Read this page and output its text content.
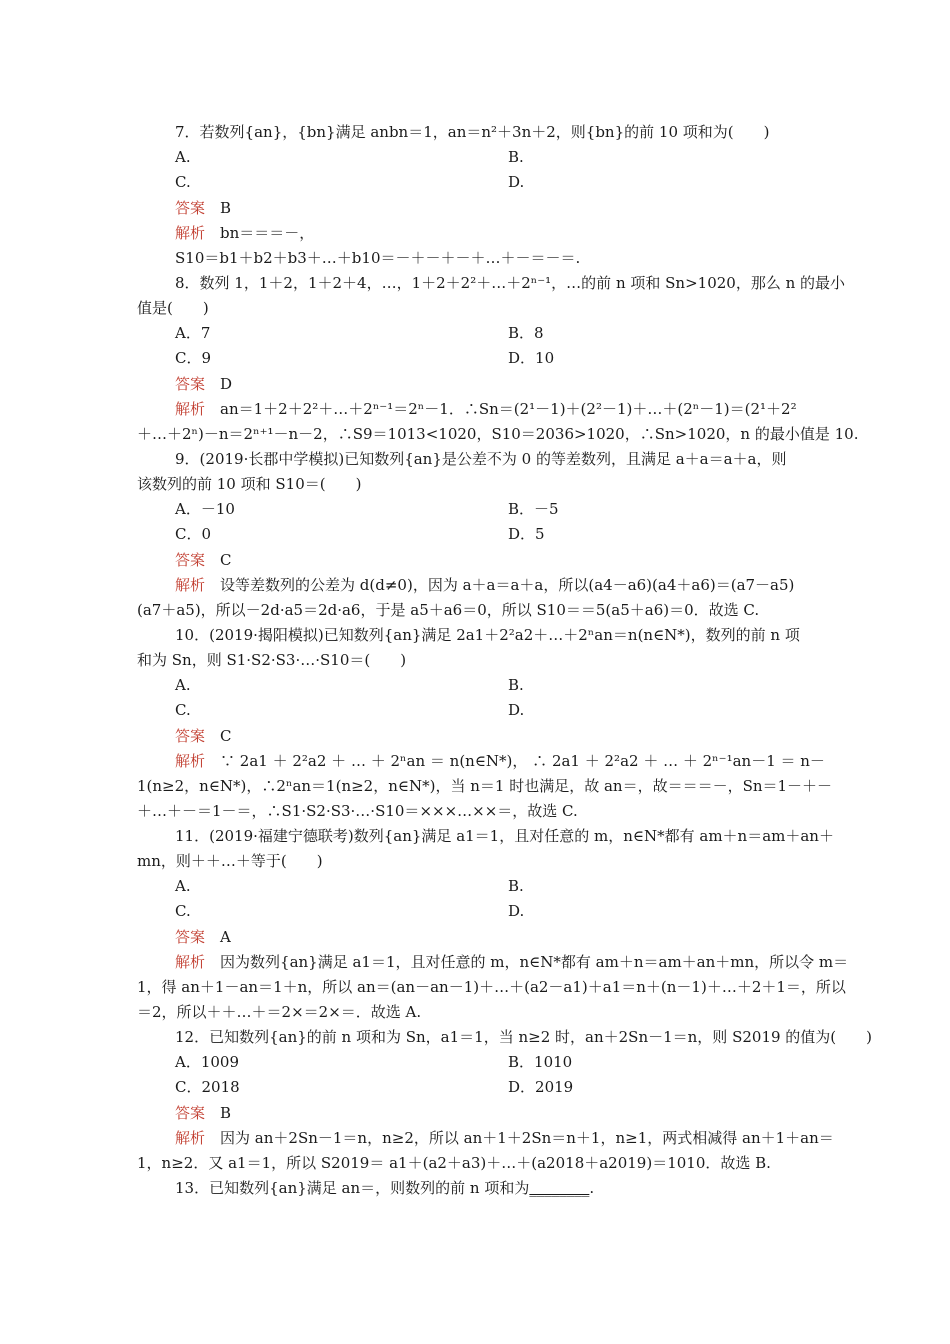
7．若数列{an}，{bn}满足 anbn＝1，an＝n²＋3n＋2，则{bn}的前 10 项和为(　　)
A.	B.
C.	D.
答案　 B
解析　 bn＝＝＝－，
S10＝b1＋b2＋b3＋…＋b10＝－＋－＋－＋…＋－＝－＝.
8．数列 1，1＋2，1＋2＋4，…，1＋2＋2²＋…＋2ⁿ⁻¹，…的前 n 项和 Sn>1020，那么 n 的最小
值是(　　)
A．7	B．8
C．9	D．10
答案　 D
解析　 an＝1＋2＋2²＋…＋2ⁿ⁻¹＝2ⁿ－1．∴Sn＝(2¹－1)＋(2²－1)＋…＋(2ⁿ－1)＝(2¹＋2²
＋…＋2ⁿ)－n＝2ⁿ⁺¹－n－2，∴S9＝1013<1020，S10＝2036>1020，∴Sn>1020，n 的最小值是 10.
9．(2019·长郡中学模拟)已知数列{an}是公差不为 0 的等差数列，且满足 a＋a＝a＋a，则
该数列的前 10 项和 S10＝(　　)
A．－10	B．－5
C．0	D．5
答案　 C
解析　 设等差数列的公差为 d(d≠0)，因为 a＋a＝a＋a，所以(a4－a6)(a4＋a6)＝(a7－a5)
(a7＋a5)，所以－2d·a5＝2d·a6，于是 a5＋a6＝0，所以 S10＝＝5(a5＋a6)＝0．故选 C.
10．(2019·揭阳模拟)已知数列{an}满足 2a1＋2²a2＋…＋2ⁿan＝n(n∈N*)，数列的前 n 项
和为 Sn，则 S1·S2·S3·…·S10＝(　　)
A.	B.
C.	D.
答案　 C
解析　 ∵ 2a1 ＋ 2²a2 ＋ … ＋ 2ⁿan ＝ n(n∈N*)， ∴ 2a1 ＋ 2²a2 ＋ … ＋ 2ⁿ⁻¹an－1 ＝ n－
1(n≥2，n∈N*)，∴2ⁿan＝1(n≥2，n∈N*)，当 n＝1 时也满足，故 an＝，故＝＝＝－，Sn＝1－＋－
＋…＋－＝1－＝，∴S1·S2·S3·…·S10＝×××…××＝，故选 C.
11．(2019·福建宁德联考)数列{an}满足 a1＝1，且对任意的 m，n∈N*都有 am＋n＝am＋an＋
mn，则＋＋…＋等于(　　)
A.	B.
C.	D.
答案　 A
解析　 因为数列{an}满足 a1＝1，且对任意的 m，n∈N*都有 am＋n＝am＋an＋mn，所以令 m＝
1，得 an＋1－an＝1＋n，所以 an＝(an－an－1)＋…＋(a2－a1)＋a1＝n＋(n－1)＋…＋2＋1＝，所以
＝2，所以＋＋…＋＝2×＝2×＝．故选 A.
12．已知数列{an}的前 n 项和为 Sn，a1＝1，当 n≥2 时，an＋2Sn－1＝n，则 S2019 的值为(　　)
A．1009	B．1010
C．2018	D．2019
答案　 B
解析　 因为 an＋2Sn－1＝n，n≥2，所以 an＋1＋2Sn＝n＋1，n≥1，两式相减得 an＋1＋an＝
1，n≥2．又 a1＝1，所以 S2019＝ a1＋(a2＋a3)＋…＋(a2018＋a2019)＝1010．故选 B.
13．已知数列{an}满足 an＝，则数列的前 n 项和为________.
